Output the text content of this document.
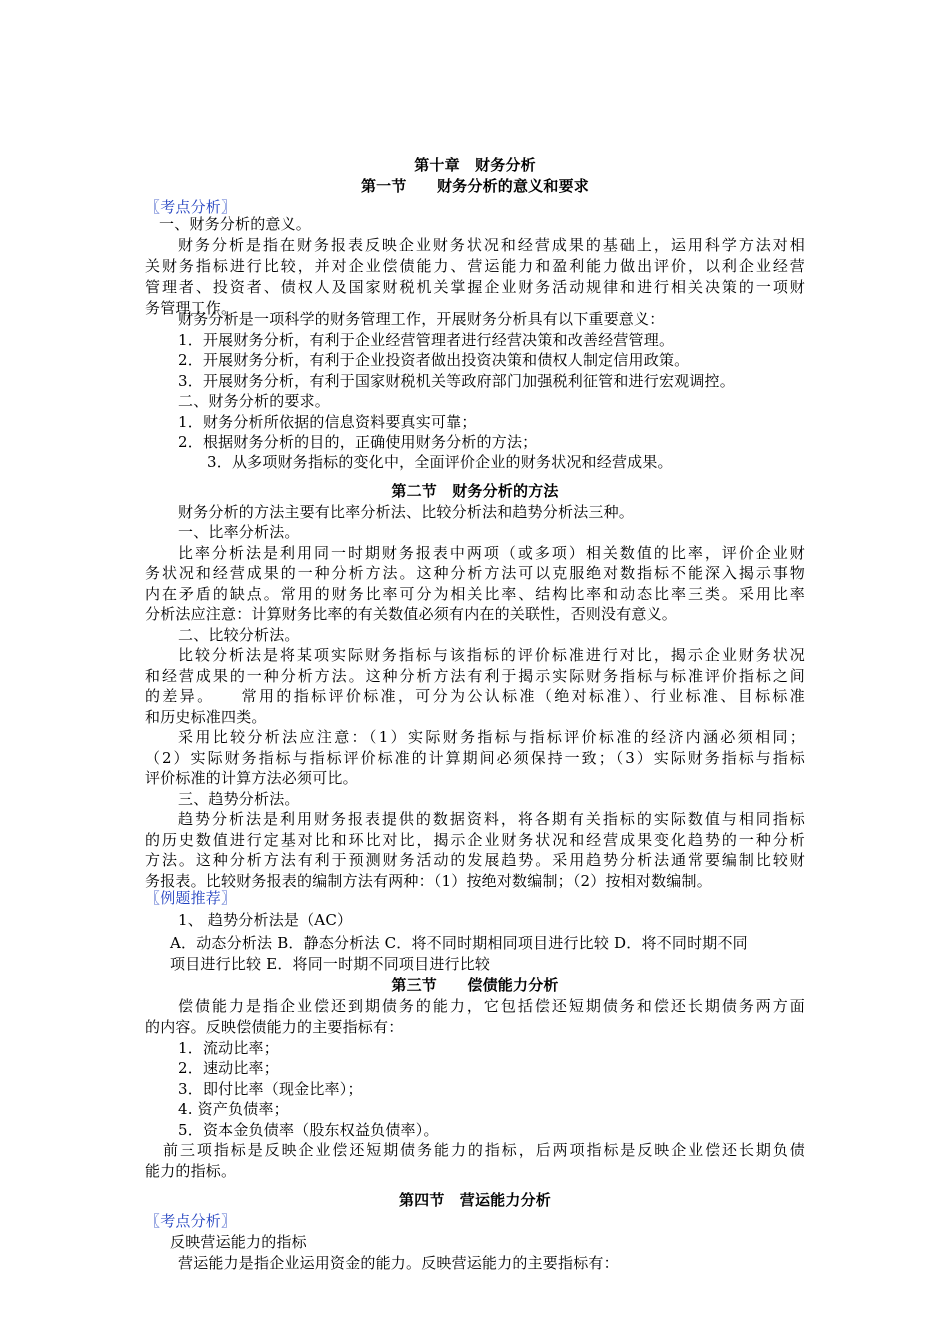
第十章　财务分析
第一节　　财务分析的意义和要求
〖考点分析〗
一、财务分析的意义。
财务分析是指在财务报表反映企业财务状况和经营成果的基础上，运用科学方法对相
关财务指标进行比较，并对企业偿债能力、营运能力和盈利能力做出评价，以利企业经营
管理者、投资者、债权人及国家财税机关掌握企业财务活动规律和进行相关决策的一项财
务管理工作。
财务分析是一项科学的财务管理工作，开展财务分析具有以下重要意义：
1．开展财务分析，有利于企业经营管理者进行经营决策和改善经营管理。
2．开展财务分析，有利于企业投资者做出投资决策和债权人制定信用政策。
3．开展财务分析，有利于国家财税机关等政府部门加强税利征管和进行宏观调控。
二、财务分析的要求。
1．财务分析所依据的信息资料要真实可靠；
2．根据财务分析的目的，正确使用财务分析的方法；
3．从多项财务指标的变化中，全面评价企业的财务状况和经营成果。
第二节　财务分析的方法
财务分析的方法主要有比率分析法、比较分析法和趋势分析法三种。
一、比率分析法。
比率分析法是利用同一时期财务报表中两项（或多项）相关数值的比率，评价企业财
务状况和经营成果的一种分析方法。这种分析方法可以克服绝对数指标不能深入揭示事物
内在矛盾的缺点。常用的财务比率可分为相关比率、结构比率和动态比率三类。采用比率
分析法应注意：计算财务比率的有关数值必须有内在的关联性，否则没有意义。
二、比较分析法。
比较分析法是将某项实际财务指标与该指标的评价标准进行对比，揭示企业财务状况
和经营成果的一种分析方法。这种分析方法有利于揭示实际财务指标与标准评价指标之间
的差异。　　常用的指标评价标准，可分为公认标准（绝对标准）、行业标准、目标标准
和历史标准四类。
采用比较分析法应注意：（1）实际财务指标与指标评价标准的经济内涵必须相同；
（2）实际财务指标与指标评价标准的计算期间必须保持一致；（3）实际财务指标与指标
评价标准的计算方法必须可比。
三、趋势分析法。
趋势分析法是利用财务报表提供的数据资料，将各期有关指标的实际数值与相同指标
的历史数值进行定基对比和环比对比，揭示企业财务状况和经营成果变化趋势的一种分析
方法。这种分析方法有利于预测财务活动的发展趋势。采用趋势分析法通常要编制比较财
务报表。比较财务报表的编制方法有两种：（1）按绝对数编制；（2）按相对数编制。
〖例题推荐〗
1、 趋势分析法是（AC）
A．动态分析法 B．静态分析法 C．将不同时期相同项目进行比较 D．将不同时期不同
项目进行比较 E．将同一时期不同项目进行比较
第三节　　偿债能力分析
偿债能力是指企业偿还到期债务的能力，它包括偿还短期债务和偿还长期债务两方面
的内容。反映偿债能力的主要指标有：
1．流动比率；
2．速动比率；
3．即付比率（现金比率）；
4. 资产负债率；
5．资本金负债率（股东权益负债率）。
前三项指标是反映企业偿还短期债务能力的指标，后两项指标是反映企业偿还长期负债
能力的指标。
第四节　营运能力分析
〖考点分析〗
反映营运能力的指标
营运能力是指企业运用资金的能力。反映营运能力的主要指标有：
